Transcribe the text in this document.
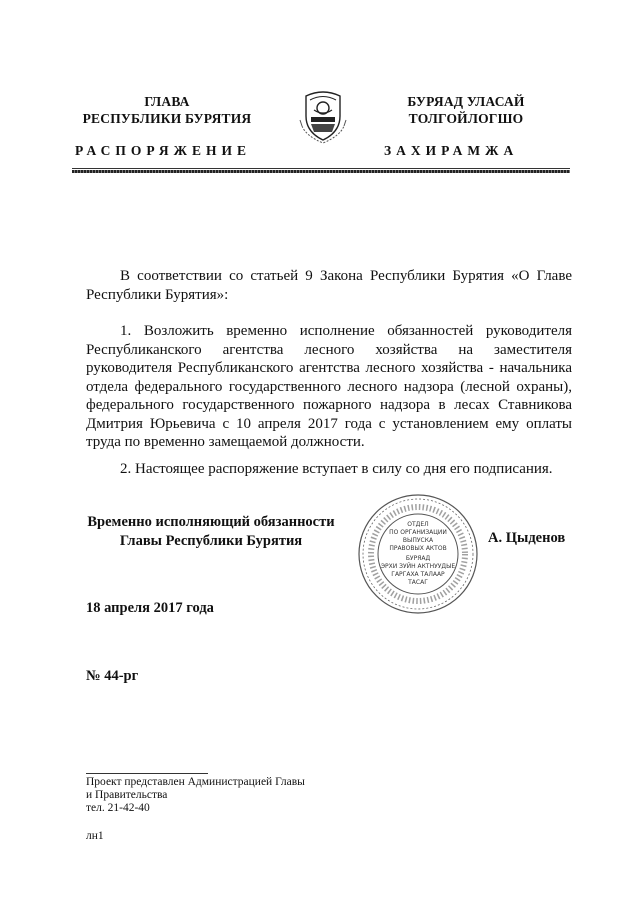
ГЛАВА
РЕСПУБЛИКИ БУРЯТИЯ
БУРЯАД УЛАСАЙ
ТОЛГОЙЛОГШО
РАСПОРЯЖЕНИЕ	ЗАХИРАМЖА
В соответствии со статьей 9 Закона Республики Бурятия «О Главе Республики Бурятия»:
1. Возложить временно исполнение обязанностей руководителя Республиканского агентства лесного хозяйства на заместителя руководителя Республиканского агентства лесного хозяйства - начальника отдела федерального государственного лесного надзора (лесной охраны), федерального государственного пожарного надзора в лесах Ставникова Дмитрия Юрьевича с 10 апреля 2017 года с установлением ему оплаты труда по временно замещаемой должности.
2. Настоящее распоряжение вступает в силу со дня его подписания.
Временно исполняющий обязанности
Главы Республики Бурятия
ОТДЕЛ
ПО ОРГАНИЗАЦИИ
ВЫПУСКА
ПРАВОВЫХ АКТОВ
БУРЯАД
ЭРХИ ЗУЙН АКТНУУДЫЕ
ГАРГАХА ТАЛААР
ТАСАГ
А. Цыденов
18 апреля 2017 года
№ 44-рг
Проект представлен Администрацией Главы
и Правительства
тел. 21-42-40
лн1
